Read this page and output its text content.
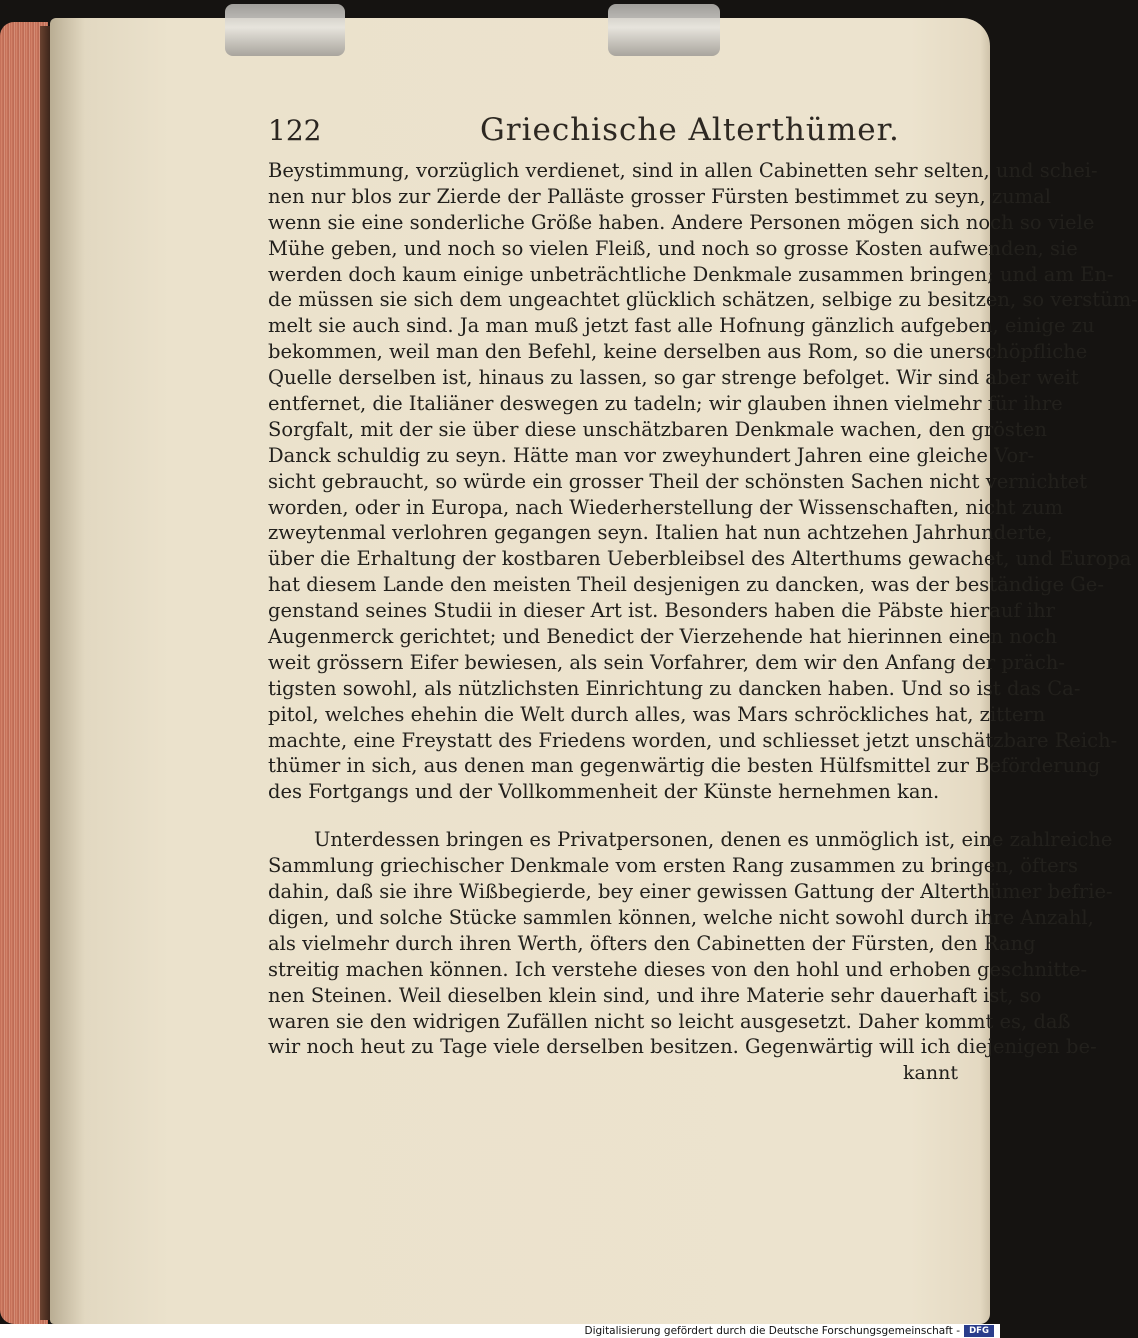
122	Griechische Alterthümer.
Beystimmung, vorzüglich verdienet, sind in allen Cabinetten sehr selten, und schei-
nen nur blos zur Zierde der Palläste grosser Fürsten bestimmet zu seyn, zumal
wenn sie eine sonderliche Größe haben. Andere Personen mögen sich noch so viele
Mühe geben, und noch so vielen Fleiß, und noch so grosse Kosten aufwenden, sie
werden doch kaum einige unbeträchtliche Denkmale zusammen bringen; und am En-
de müssen sie sich dem ungeachtet glücklich schätzen, selbige zu besitzen, so verstüm-
melt sie auch sind. Ja man muß jetzt fast alle Hofnung gänzlich aufgeben, einige zu
bekommen, weil man den Befehl, keine derselben aus Rom, so die unerschöpfliche
Quelle derselben ist, hinaus zu lassen, so gar strenge befolget. Wir sind aber weit
entfernet, die Italiäner deswegen zu tadeln; wir glauben ihnen vielmehr für ihre
Sorgfalt, mit der sie über diese unschätzbaren Denkmale wachen, den grösten
Danck schuldig zu seyn. Hätte man vor zweyhundert Jahren eine gleiche Vor-
sicht gebraucht, so würde ein grosser Theil der schönsten Sachen nicht vernichtet
worden, oder in Europa, nach Wiederherstellung der Wissenschaften, nicht zum
zweytenmal verlohren gegangen seyn. Italien hat nun achtzehen Jahrhunderte,
über die Erhaltung der kostbaren Ueberbleibsel des Alterthums gewachet, und Europa
hat diesem Lande den meisten Theil desjenigen zu dancken, was der beständige Ge-
genstand seines Studii in dieser Art ist. Besonders haben die Päbste hierauf ihr
Augenmerck gerichtet; und Benedict der Vierzehende hat hierinnen einen noch
weit grössern Eifer bewiesen, als sein Vorfahrer, dem wir den Anfang der präch-
tigsten sowohl, als nützlichsten Einrichtung zu dancken haben. Und so ist das Ca-
pitol, welches ehehin die Welt durch alles, was Mars schröckliches hat, zittern
machte, eine Freystatt des Friedens worden, und schliesset jetzt unschätzbare Reich-
thümer in sich, aus denen man gegenwärtig die besten Hülfsmittel zur Beförderung
des Fortgangs und der Vollkommenheit der Künste hernehmen kan.
Unterdessen bringen es Privatpersonen, denen es unmöglich ist, eine zahlreiche
Sammlung griechischer Denkmale vom ersten Rang zusammen zu bringen, öfters
dahin, daß sie ihre Wißbegierde, bey einer gewissen Gattung der Alterthümer befrie-
digen, und solche Stücke sammlen können, welche nicht sowohl durch ihre Anzahl,
als vielmehr durch ihren Werth, öfters den Cabinetten der Fürsten, den Rang
streitig machen können. Ich verstehe dieses von den hohl und erhoben geschnitte-
nen Steinen. Weil dieselben klein sind, und ihre Materie sehr dauerhaft ist, so
waren sie den widrigen Zufällen nicht so leicht ausgesetzt. Daher kommt es, daß
wir noch heut zu Tage viele derselben besitzen. Gegenwärtig will ich diejenigen be-
kannt
Digitalisierung gefördert durch die Deutsche Forschungsgemeinschaft -	DFG
